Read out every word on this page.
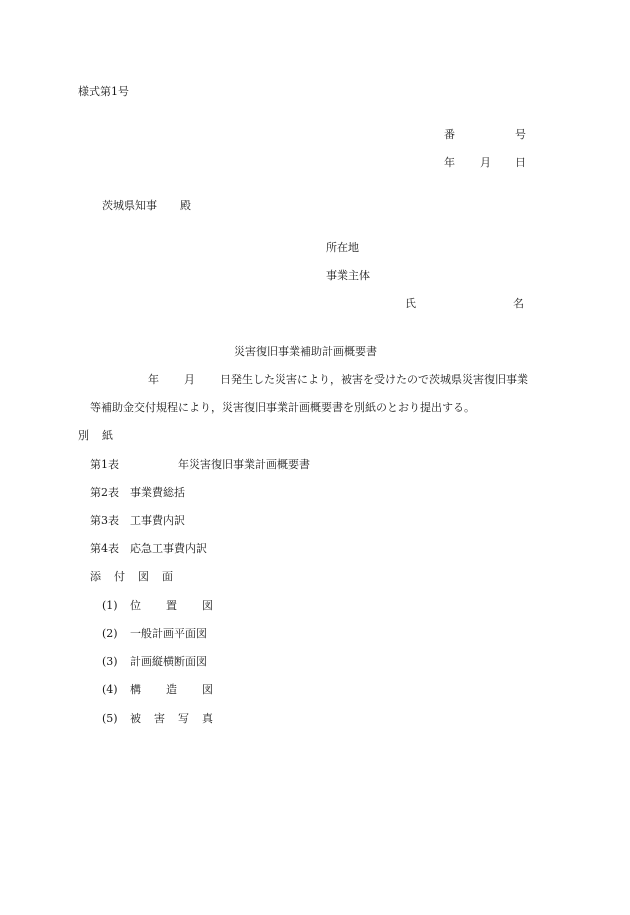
様式第1号
番	号
年 月 日
茨城県知事 殿
所在地
事業主体
氏	名
災害復旧事業補助計画概要書
年 月 日発生した災害により，被害を受けたので茨城県災害復旧事業
等補助金交付規程により，災害復旧事業計画概要書を別紙のとおり提出する。
別 紙
第1表	年災害復旧事業計画概要書
第2表 事業費総括
第3表 工事費内訳
第4表 応急工事費内訳
添 付 図 面
(1) 位 置 図
(2) 一般計画平面図
(3) 計画縦横断面図
(4) 構 造 図
(5) 被 害 写 真
